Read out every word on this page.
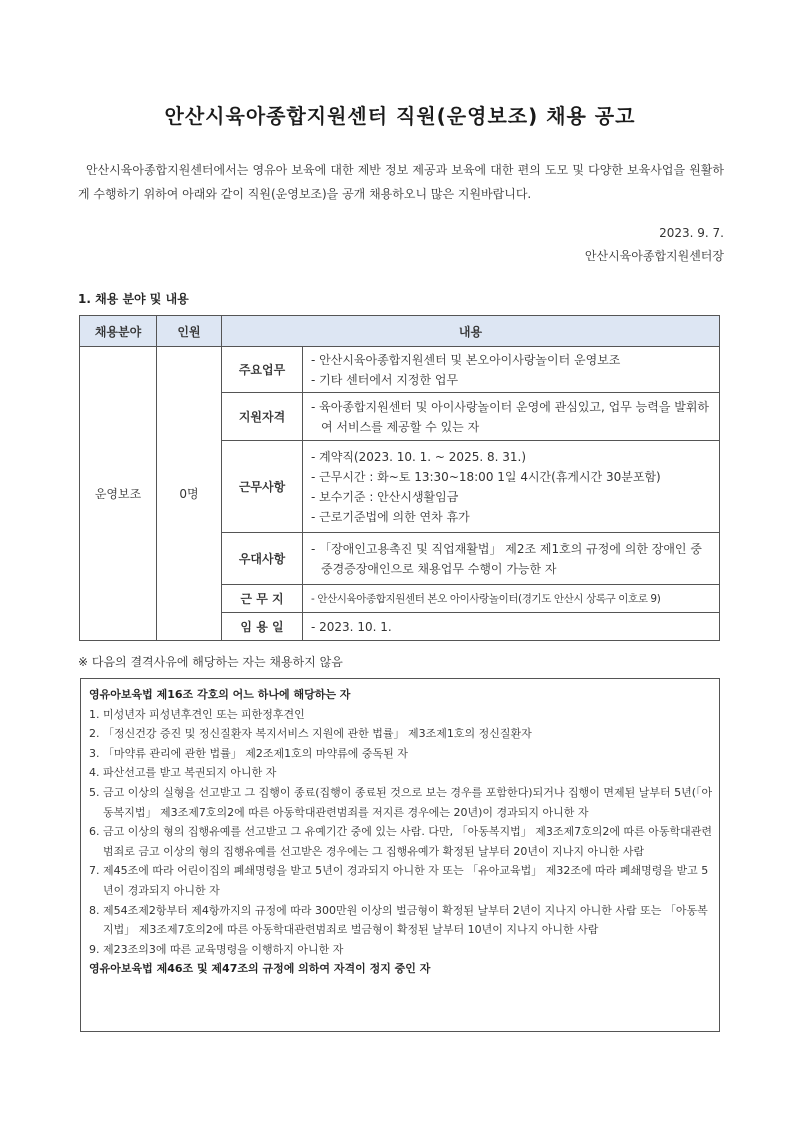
안산시육아종합지원센터 직원(운영보조) 채용 공고

안산시육아종합지원센터에서는 영유아 보육에 대한 제반 정보 제공과 보육에 대한 편의 도모 및 다양한 보육사업을 원활하게 수행하기 위하여 아래와 같이 직원(운영보조)을 공개 채용하오니 많은 지원바랍니다.

2023. 9. 7.
안산시육아종합지원센터장
1. 채용 분야 및 내용
채용분야	인원	내용	
운영보조	0명	주요업무	- 안산시육아종합지원센터 및 본오아이사랑놀이터 운영보조
- 기타 센터에서 지정한 업무

		지원자격	- 육아종합지원센터 및 아이사랑놀이터 운영에 관심있고, 업무 능력을 발휘하여 서비스를 제공할 수 있는 자

		근무사항	- 계약직(2023. 10. 1. ~ 2025. 8. 31.)
- 근무시간 : 화~토 13:30~18:00 1일 4시간(휴게시간 30분포함)
- 보수기준 : 안산시생활임금
- 근로기준법에 의한 연차 휴가

		우대사항	- 「장애인고용촉진 및 직업재활법」 제2조 제1호의 규정에 의한 장애인 중 중경증장애인으로 채용업무 수행이 가능한 자

		근 무 지	- 안산시육아종합지원센터 본오 아이사랑놀이터(경기도 안산시 상록구 이호로 9)

		임 용 일	- 2023. 10. 1.
※ 다음의 결격사유에 해당하는 자는 채용하지 않음
영유아보육법 제16조 각호의 어느 하나에 해당하는 자
1. 미성년자 피성년후견인 또는 피한정후견인
2. 「정신건강 증진 및 정신질환자 복지서비스 지원에 관한 법률」 제3조제1호의 정신질환자
3. 「마약류 관리에 관한 법률」 제2조제1호의 마약류에 중독된 자
4. 파산선고를 받고 복권되지 아니한 자
5. 금고 이상의 실형을 선고받고 그 집행이 종료(집행이 종료된 것으로 보는 경우를 포함한다)되거나 집행이 면제된 날부터 5년(「아동복지법」 제3조제7호의2에 따른 아동학대관련범죄를 저지른 경우에는 20년)이 경과되지 아니한 자
6. 금고 이상의 형의 집행유예를 선고받고 그 유예기간 중에 있는 사람. 다만, 「아동복지법」 제3조제7호의2에 따른 아동학대관련범죄로 금고 이상의 형의 집행유예를 선고받은 경우에는 그 집행유예가 확정된 날부터 20년이 지나지 아니한 사람
7. 제45조에 따라 어린이집의 폐쇄명령을 받고 5년이 경과되지 아니한 자 또는 「유아교육법」 제32조에 따라 폐쇄명령을 받고 5년이 경과되지 아니한 자
8. 제54조제2항부터 제4항까지의 규정에 따라 300만원 이상의 벌금형이 확정된 날부터 2년이 지나지 아니한 사람 또는 「아동복지법」 제3조제7호의2에 따른 아동학대관련범죄로 벌금형이 확정된 날부터 10년이 지나지 아니한 사람
9. 제23조의3에 따른 교육명령을 이행하지 아니한 자
영유아보육법 제46조 및 제47조의 규정에 의하여 자격이 정지 중인 자
